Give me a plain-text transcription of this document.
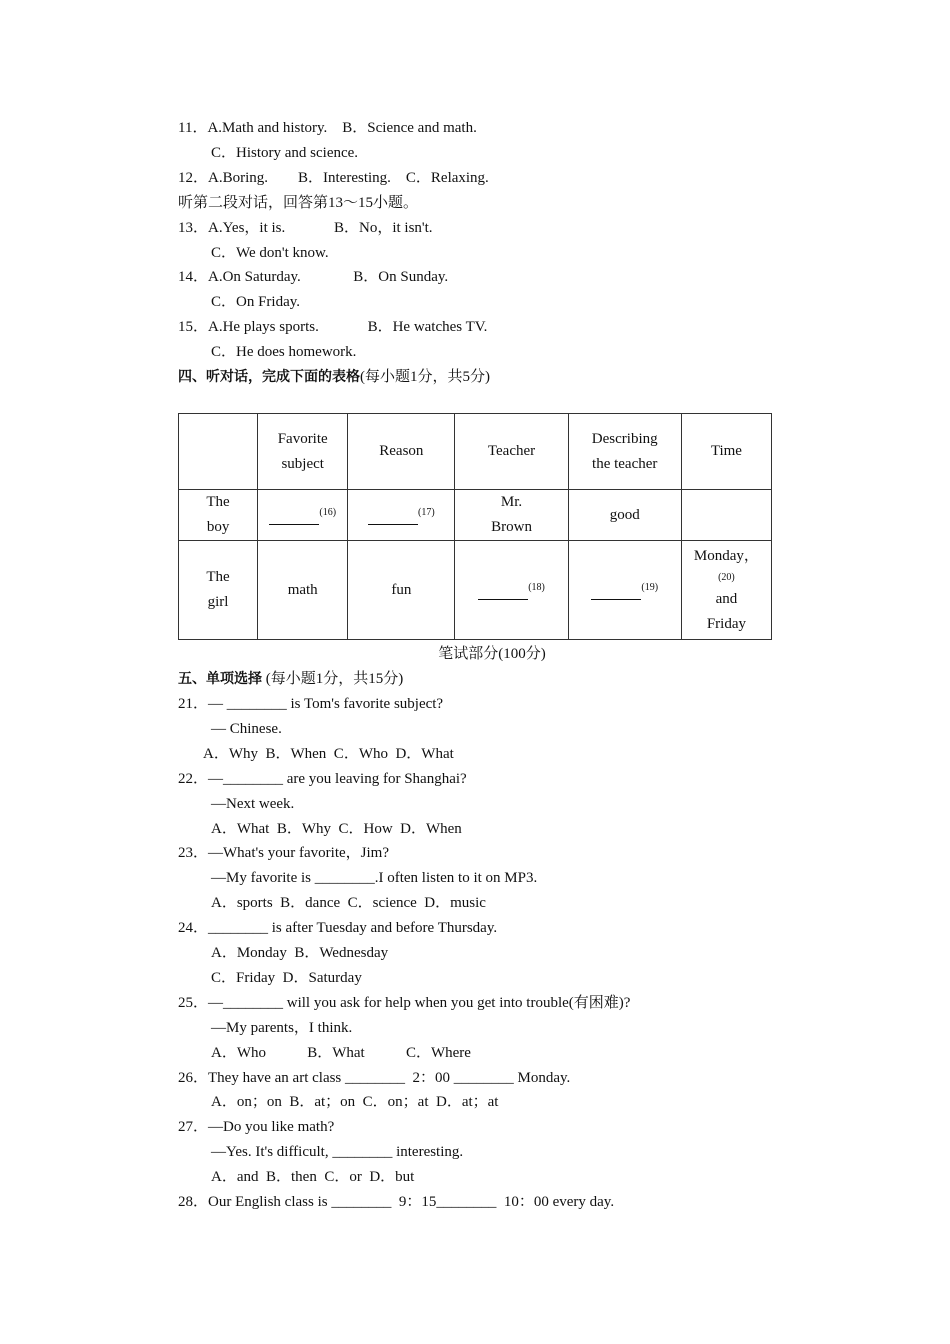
11．A.Math and history.    B．Science and math.
C．History and science.
12．A.Boring.        B．Interesting.    C．Relaxing.
听第二段对话，回答第13～15小题。
13．A.Yes，it is.             B．No，it isn't.
C．We don't know.
14．A.On Saturday.              B．On Sunday.
C．On Friday.
15．A.He plays sports.             B．He watches TV.
C．He does homework.
四、听对话，完成下面的表格(每小题1分，共5分)

	Favorite subject	Reason	Teacher	Describing the teacher	Time

The boy	$^{(16)}$	$^{(17)}$	Mr. Brown	good	

The girl	math	fun	$^{(18)}$	$^{(19)}$	Monday，
(20)
and Friday
笔试部分(100分)
五、单项选择 (每小题1分，共15分)
21．— ________ is Tom's favorite subject?
— Chinese.
A．Why  B．When  C．Who  D．What
22．—________ are you leaving for Shanghai?
—Next week.
A．What  B．Why  C．How  D．When
23．—What's your favorite，Jim?
—My favorite is ________.I often listen to it on MP3.
A．sports  B．dance  C．science  D．music
24．________ is after Tuesday and before Thursday.
A．Monday  B．Wednesday
C．Friday  D．Saturday
25．—________ will you ask for help when you get into trouble(有困难)?
—My parents，I think.
A．Who           B．What           C．Where
26．They have an art class ________  2：00 ________ Monday.
A．on；on  B．at；on  C．on；at  D．at；at
27．—Do you like math?
—Yes. It's difficult, ________ interesting.
A．and  B．then  C．or  D．but
28．Our English class is ________  9：15________  10：00 every day.
